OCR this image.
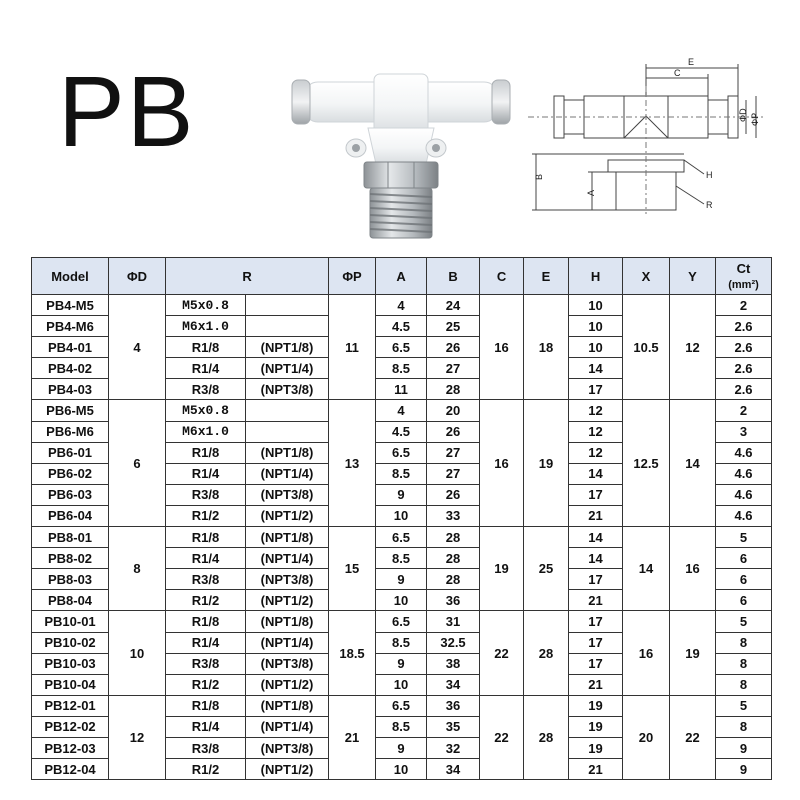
PB	E
C
ΦD ΦP
B	H
A
R
Model	ΦD	R		ΦP	A	B	C	E	H	X	Y	Ct
(mm²)
PB4-M5	4	M5x0.8		11	4	24	16	18	10	10.5	12	2
PB4-M6		M6x1.0			4.5	25			10			2.6
PB4-01		R1/8	(NPT1/8)		6.5	26			10			2.6
PB4-02		R1/4	(NPT1/4)		8.5	27			14			2.6
PB4-03		R3/8	(NPT3/8)		11	28			17			2.6
PB6-M5	6	M5x0.8		13	4	20	16	19	12	12.5	14	2
PB6-M6		M6x1.0			4.5	26			12			3
PB6-01		R1/8	(NPT1/8)		6.5	27			12			4.6
PB6-02		R1/4	(NPT1/4)		8.5	27			14			4.6
PB6-03		R3/8	(NPT3/8)		9	26			17			4.6
PB6-04		R1/2	(NPT1/2)		10	33			21			4.6
PB8-01	8	R1/8	(NPT1/8)	15	6.5	28	19	25	14	14	16	5
PB8-02		R1/4	(NPT1/4)		8.5	28			14			6
PB8-03		R3/8	(NPT3/8)		9	28			17			6
PB8-04		R1/2	(NPT1/2)		10	36			21			6
PB10-01	10	R1/8	(NPT1/8)	18.5	6.5	31	22	28	17	16	19	5
PB10-02		R1/4	(NPT1/4)		8.5	32.5			17			8
PB10-03		R3/8	(NPT3/8)		9	38			17			8
PB10-04		R1/2	(NPT1/2)		10	34			21			8
PB12-01	12	R1/8	(NPT1/8)	21	6.5	36	22	28	19	20	22	5
PB12-02		R1/4	(NPT1/4)		8.5	35			19			8
PB12-03		R3/8	(NPT3/8)		9	32			19			9
PB12-04		R1/2	(NPT1/2)		10	34			21			9
